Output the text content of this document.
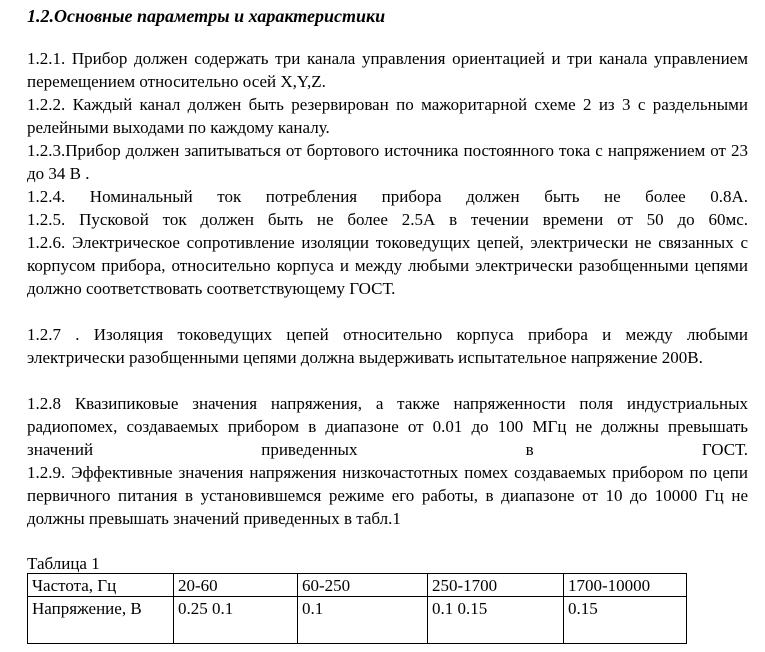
1.2.Основные параметры и характеристики
1.2.1. Прибор должен содержать три канала управления ориентацией и три канала управлением перемещением относительно осей X,Y,Z.
1.2.2. Каждый канал должен быть резервирован по мажоритарной схеме 2 из 3 с раздельными релейными выходами по каждому каналу.
1.2.3.Прибор должен запитываться от бортового источника постоянного тока с напряжением от 23 до 34 В .
1.2.4. Номинальный ток потребления прибора должен быть не более 0.8А.
1.2.5. Пусковой ток должен быть не более 2.5А в течении времени от 50 до 60мс.
1.2.6. Электрическое сопротивление изоляции токоведущих цепей, электрически не связанных с корпусом прибора, относительно корпуса и между любыми электрически разобщенными цепями должно соответствовать соответствующему ГОСТ.
1.2.7 . Изоляция токоведущих цепей относительно корпуса прибора и между любыми электрически разобщенными цепями должна выдерживать испытательное напряжение 200В.
1.2.8 Квазипиковые значения напряжения, а также напряженности поля индустриальных радиопомех, создаваемых прибором в диапазоне от 0.01 до 100 МГц не должны превышать значений приведенных в ГОСТ.
1.2.9. Эффективные значения напряжения низкочастотных помех создаваемых прибором по цепи первичного питания в установившемся режиме его работы, в диапазоне от 10 до 10000 Гц не должны превышать значений приведенных в табл.1
Таблица 1
Частота, Гц	20-60	60-250	250-1700	1700-10000
Напряжение, В	0.25 0.1	0.1	0.1 0.15	0.15
